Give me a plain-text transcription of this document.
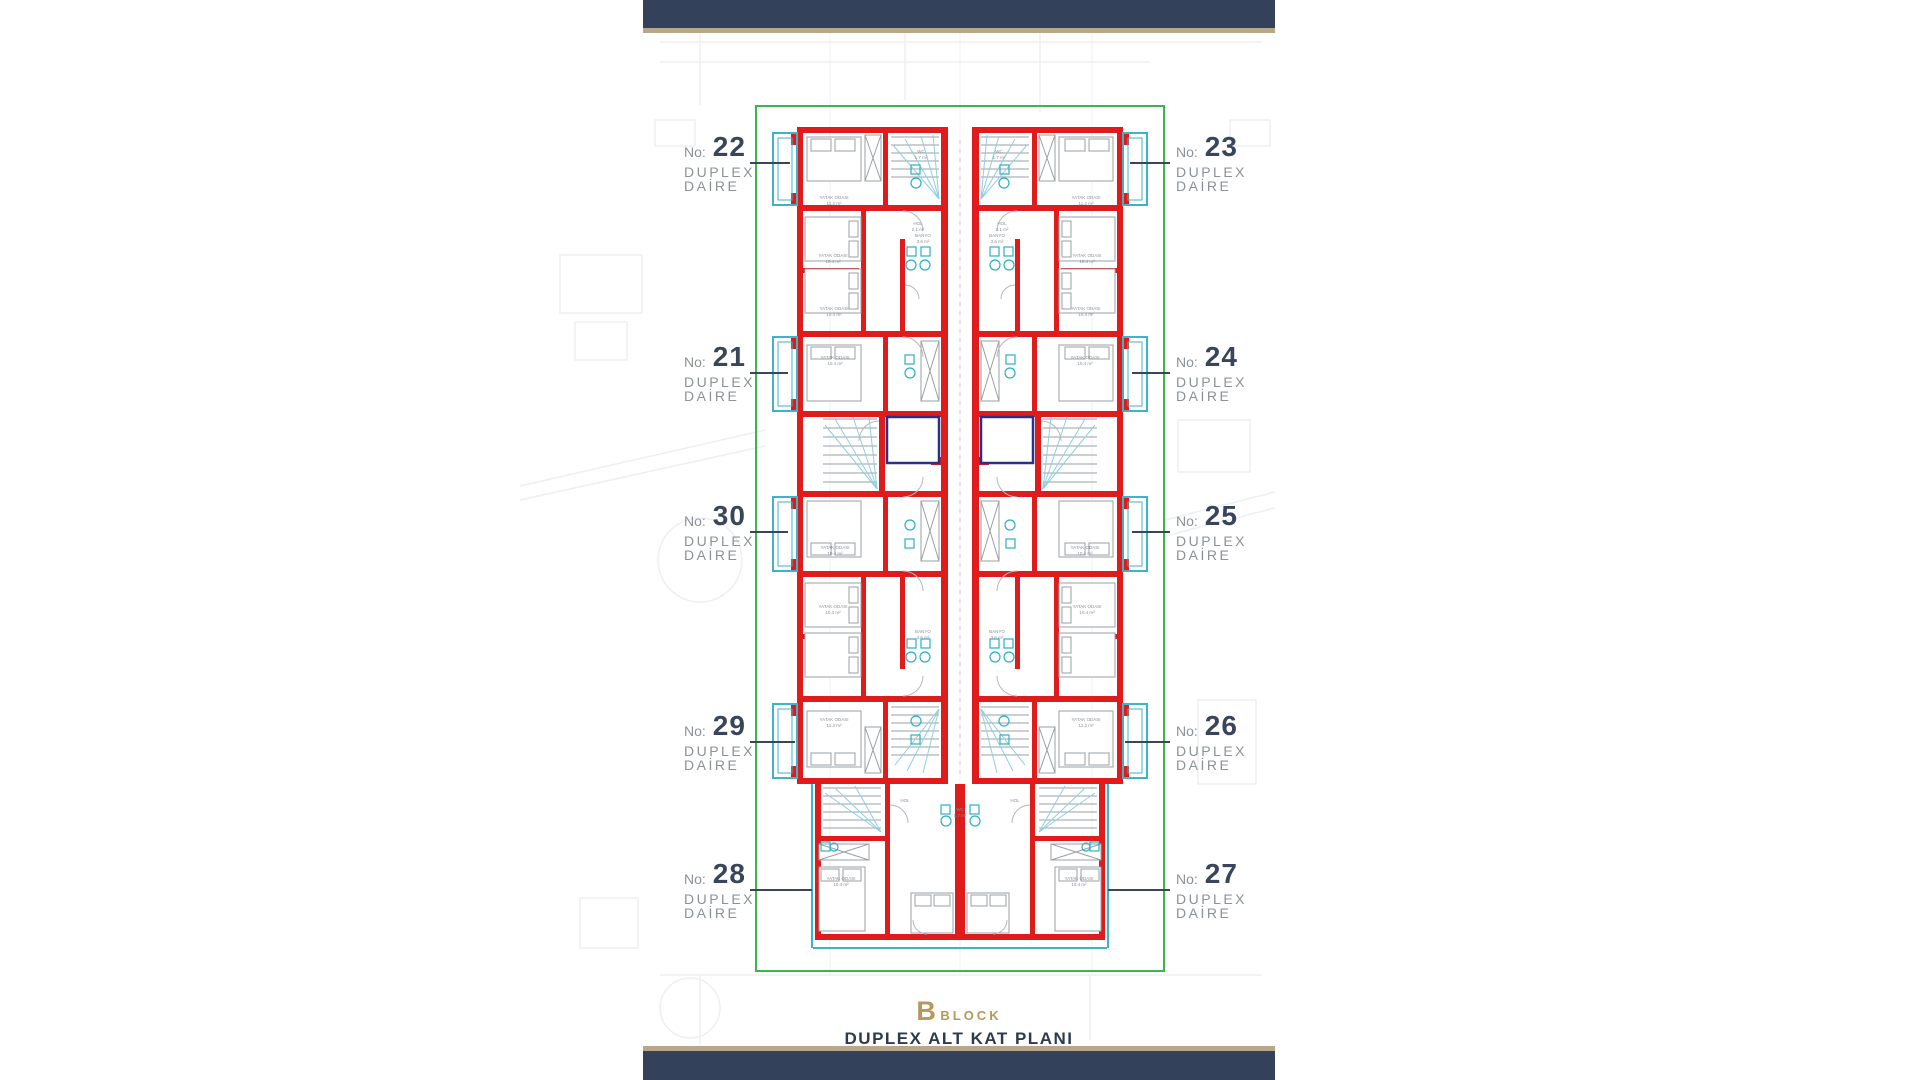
YATAK ODASI
11.2 m²
WC
1.7 m²
HOL
2.1 m²
YATAK ODASI
10.4 m²
BANYO
3.6 m²
YATAK ODASI
10.4 m²
YATAK ODASI
10.4 m²
YATAK ODASI
10.4 m²
YATAK ODASI
10.4 m²
BANYO
3.6 m²
YATAK ODASI
11.2 m²
YATAK ODASI
10.4 m²
HOL
YATAK ODASI
11.2 m²
WC
1.7 m²
HOL
2.1 m²
YATAK ODASI
10.4 m²
BANYO
3.6 m²
YATAK ODASI
10.4 m²
YATAK ODASI
10.4 m²
YATAK ODASI
10.4 m²
YATAK ODASI
10.4 m²
BANYO
3.6 m²
YATAK ODASI
11.2 m²
YATAK ODASI
10.4 m²
HOL
WC
1.7 m²
No: 22
DUPLEX
DAİRE
No: 21
DUPLEX
DAİRE
No: 30
DUPLEX
DAİRE
No: 29
DUPLEX
DAİRE
No: 28
DUPLEX
DAİRE
No: 23
DUPLEX
DAİRE
No: 24
DUPLEX
DAİRE
No: 25
DUPLEX
DAİRE
No: 26
DUPLEX
DAİRE
No: 27
DUPLEX
DAİRE
B BLOCK
DUPLEX ALT KAT PLANI
